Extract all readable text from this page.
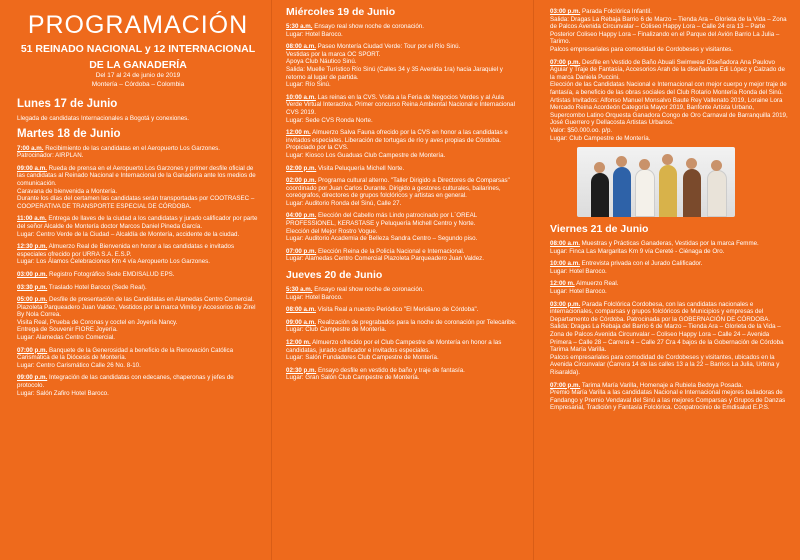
PROGRAMACIÓN
51 REINADO NACIONAL y 12 INTERNACIONAL
DE LA GANADERÍA
Del 17 al 24 de junio de 2019
Montería – Córdoba – Colombia
Lunes 17 de Junio
Llegada de candidatas Internacionales a Bogotá y conexiones.
Martes 18 de Junio
7:00 a.m. Recibimiento de las candidatas en el Aeropuerto Los Garzones.
Patrocinador: AIRPLAN.
09:00 a.m. Rueda de prensa en el Aeropuerto Los Garzones y primer desfile oficial de las candidatas al Reinado Nacional e Internacional de la Ganadería ante los medios de comunicación.
Caravana de bienvenida a Montería.
Durante los días del certamen las candidatas serán transportadas por COOTRASEC – COOPERATIVA DE TRANSPORTE ESPECIAL DE CÓRDOBA.
11:00 a.m. Entrega de llaves de la ciudad a los candidatas y jurado calificador por parte del señor Alcalde de Montería doctor Marcos Daniel Pineda García.
Lugar: Centro Verde de la Ciudad – Alcaldía de Montería, accidente de la ciudad.
12:30 p.m. Almuerzo Real de Bienvenida en honor a las candidatas e invitados especiales ofrecido por URRA S.A. E.S.P.
Lugar: Los Álamos Celebraciones Km 4 vía Aeropuerto Los Garzones.
03:00 p.m. Registro Fotográfico Sede EMDISALUD EPS.
03:30 p.m. Traslado Hotel Baroco (Sede Real).
05:00 p.m. Desfile de presentación de las Candidatas en Alamedas Centro Comercial. Plazoleta Parqueadero Juan Valdez, Vestidos por la marca Vimilo y Accesorios de Zirel By Nola Correa.
Visita Real, Prueba de Coronas y coctel en Joyería Nancy.
Entrega de Souvenir FIORE Joyería.
Lugar: Alamedas Centro Comercial.
07:00 p.m. Banquete de la Generosidad a beneficio de la Renovación Católica Carismática de la Diócesis de Montería.
Lugar: Centro Carismático Calle 26 No. 8-10.
09:00 p.m. Integración de las candidatas con edecanes, chaperonas y jefes de protocolo.
Lugar: Salón Zafiro Hotel Baroco.
Miércoles 19 de Junio
5:30 a.m. Ensayo real show noche de coronación.
Lugar: Hotel Baroco.
08:00 a.m. Paseo Montería Ciudad Verde: Tour por el Río Sinú.
Vestidas por la marca OC SPORT.
Apoya Club Náutico Sinú.
Salida: Muelle Turístico Río Sinú (Calles 34 y 35 Avenida 1ra) hacia Jaraquiel y retorno al lugar de partida.
Lugar: Río Sinú.
10:00 a.m. Las reinas en la CVS. Visita a la Feria de Negocios Verdes y al Aula Verde Virtual Interactiva. Primer concurso Reina Ambiental Nacional e Internacional CVS 2019.
Lugar: Sede CVS Ronda Norte.
12:00 m. Almuerzo Salva Fauna ofrecido por la CVS en honor a las candidatas e invitados especiales. Liberación de tortugas de río y aves propias de Córdoba.
Propiciado por la CVS.
Lugar: Kiosco Los Guaduas Club Campestre de Montería.
02:00 p.m. Visita Peluquería Michell Norte.
02:00 p.m. Programa cultural alterno. "Taller Dirigido a Directores de Comparsas" coordinado por Juan Carlos Durante. Dirigido a gestores culturales, bailarines, coreógrafos, directores de grupos folclóricos y artistas en general.
Lugar: Auditorio Ronda del Sinú, Calle 27.
04:00 p.m. Elección del Cabello más Lindo patrocinado por L´OREAL PROFESSIONEL, KERASTASE y Peluquería Michell Centro y Norte.
Elección del Mejor Rostro Vogue.
Lugar: Auditorio Academia de Belleza Sandra Centro – Segundo piso.
07:00 p.m. Elección Reina de la Policía Nacional e Internacional.
Lugar: Alamedas Centro Comercial Plazoleta Parqueadero Juan Valdez.
Jueves 20 de Junio
5:30 a.m. Ensayo real show noche de coronación.
Lugar: Hotel Baroco.
08:00 a.m. Visita Real a nuestro Periódico "El Meridiano de Córdoba".
09:00 a.m. Realización de pregrabados para la noche de coronación por Telecaribe.
Lugar: Club Campestre de Montería.
12:00 m. Almuerzo ofrecido por el Club Campestre de Montería en honor a las candidatas, jurado calificador e invitados especiales.
Lugar: Salón Fundadores Club Campestre de Montería.
02:30 p.m. Ensayo desfile en vestido de baño y traje de fantasía.
Lugar: Gran Salón Club Campestre de Montería.
03:00 p.m. Parada Folclórica Infantil.
Salida: Dragas La Rebaja Barrio 6 de Marzo – Tienda Ara – Glorieta de la Vida – Zona de Palcos Avenida Circunvalar – Coliseo Happy Lora – Calle 24 cra 13 – Parte Posterior Coliseo Happy Lora – Finalizando en el Parque del Avión Barrio La Julia – Tarimo.
Palcos empresariales para comodidad de Cordobeses y visitantes.
07:00 p.m. Desfile en Vestido de Baño Abuali Swimwear Diseñadora Ana Paulovo Aguiar y Traje de Fantasía, Accesorios Arah de la diseñadora Edi López y Calzado de la marca Daniela Puccini.
Elección de las Candidatas Nacional e Internacional con mejor cuerpo y mejor traje de fantasía, a beneficio de las obras sociales del Club Rotario Montería Ronda del Sinú.
Artistas Invitados: Alfonso Manuel Monsalvo Baute Rey Vallenato 2019, Loraine Lora Mercado Reina Acordeón Categoría Mayor 2019, Banfonte Artista Urbano, Supercombo Latino Orquesta Ganadora Congo de Oro Carnaval de Barranquilla 2019, José Guerrero y Dellacosta Artistas Urbanos.
Valor: $50.000.oo. p/p.
Lugar: Club Campestre de Montería.
Viernes 21 de Junio
08:00 a.m. Muestras y Prácticas Ganaderas, Vestidas por la marca Femme.
Lugar: Finca Las Margaritas Km 9 vía Cereté - Ciénaga de Oro.
10:00 a.m. Entrevista privada con el Jurado Calificador.
Lugar: Hotel Baroco.
12:00 m. Almuerzo Real.
Lugar: Hotel Baroco.
03:00 p.m. Parada Folclórica Cordobesa, con las candidatas nacionales e internacionales, comparsas y grupos folclóricos de Municipios y empresas del Departamento de Córdoba. Patrocinada por la GOBERNACIÓN DE CÓRDOBA.
Salida: Dragas La Rebaja del Barrio 6 de Marzo – Tienda Ara – Glorieta de la Vida – Zona de Palcos Avenida Circunvalar – Coliseo Happy Lora – Calle 24 – Avenida Primera – Calle 28 – Carrera 4 – Calle 27 Cra 4 bajos de la Gobernación de Córdoba Tarima María Varilla.
Palcos empresariales para comodidad de Cordobeses y visitantes, ubicados en la Avenida Circunvalar (Carrera 14 de las calles 13 a la 22 – Barrios La Julia, Urbina y Risaralda).
07:00 p.m. Tarima María Varilla, Homenaje a Rubiela Bedoya Posada.
Premio María Varilla a las candidatas Nacional e Internacional mejores bailadoras de Fandango y Premio Vendaval del Sinú a las mejores Comparsas y Grupos de Danzas Empresarial, Tradición y Fantasía Folclórica. Coopatrocinio de Emdisalud E.P.S.
